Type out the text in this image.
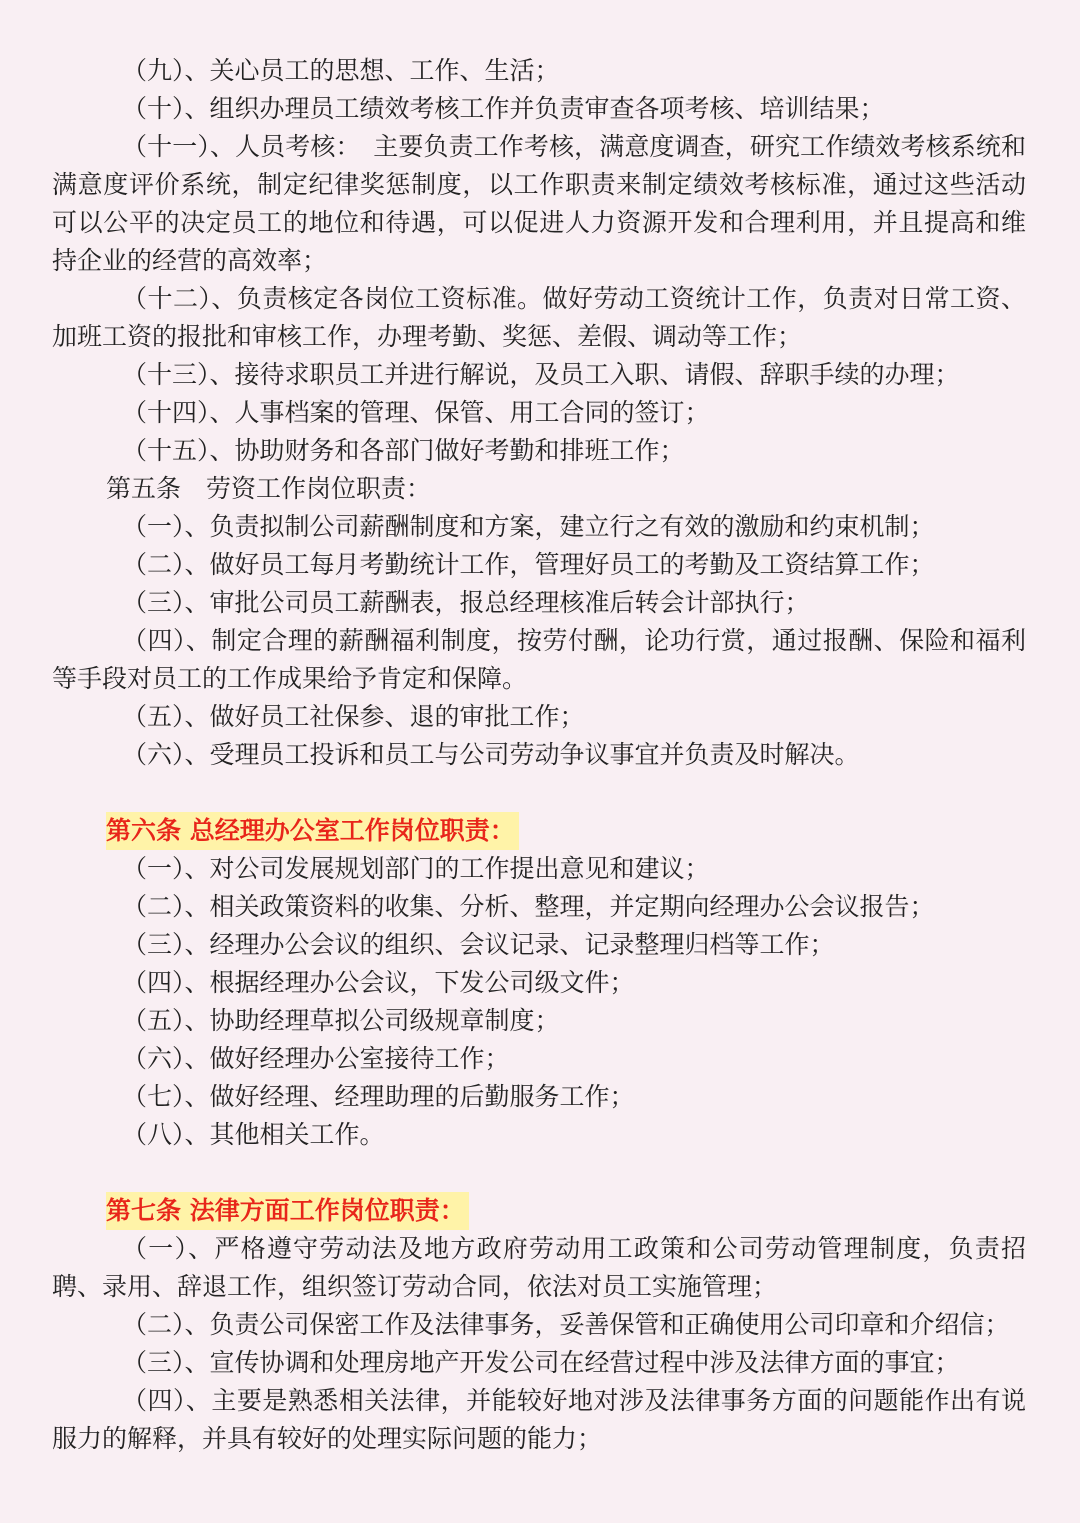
（九）、关心员工的思想、工作、生活；

（十）、组织办理员工绩效考核工作并负责审查各项考核、培训结果；

（十一）、人员考核：　主要负责工作考核，满意度调查，研究工作绩效考核系统和满意度评价系统，制定纪律奖惩制度，以工作职责来制定绩效考核标准，通过这些活动可以公平的决定员工的地位和待遇，可以促进人力资源开发和合理利用，并且提高和维持企业的经营的高效率；

（十二）、负责核定各岗位工资标准。做好劳动工资统计工作，负责对日常工资、加班工资的报批和审核工作，办理考勤、奖惩、差假、调动等工作；

（十三）、接待求职员工并进行解说，及员工入职、请假、辞职手续的办理；

（十四）、人事档案的管理、保管、用工合同的签订；

（十五）、协助财务和各部门做好考勤和排班工作；

第五条　劳资工作岗位职责：

（一）、负责拟制公司薪酬制度和方案，建立行之有效的激励和约束机制；

（二）、做好员工每月考勤统计工作，管理好员工的考勤及工资结算工作；

（三）、审批公司员工薪酬表，报总经理核准后转会计部执行；

（四）、制定合理的薪酬福利制度，按劳付酬，论功行赏，通过报酬、保险和福利等手段对员工的工作成果给予肯定和保障。

（五）、做好员工社保参、退的审批工作；

（六）、受理员工投诉和员工与公司劳动争议事宜并负责及时解决。

第六条 总经理办公室工作岗位职责：

（一）、对公司发展规划部门的工作提出意见和建议；

（二）、相关政策资料的收集、分析、整理，并定期向经理办公会议报告；

（三）、经理办公会议的组织、会议记录、记录整理归档等工作；

（四）、根据经理办公会议，下发公司级文件；

（五）、协助经理草拟公司级规章制度；

（六）、做好经理办公室接待工作；

（七）、做好经理、经理助理的后勤服务工作；

（八）、其他相关工作。

第七条 法律方面工作岗位职责：

（一）、严格遵守劳动法及地方政府劳动用工政策和公司劳动管理制度，负责招聘、录用、辞退工作，组织签订劳动合同，依法对员工实施管理；

（二）、负责公司保密工作及法律事务，妥善保管和正确使用公司印章和介绍信；

（三）、宣传协调和处理房地产开发公司在经营过程中涉及法律方面的事宜；

（四）、主要是熟悉相关法律，并能较好地对涉及法律事务方面的问题能作出有说服力的解释，并具有较好的处理实际问题的能力；
